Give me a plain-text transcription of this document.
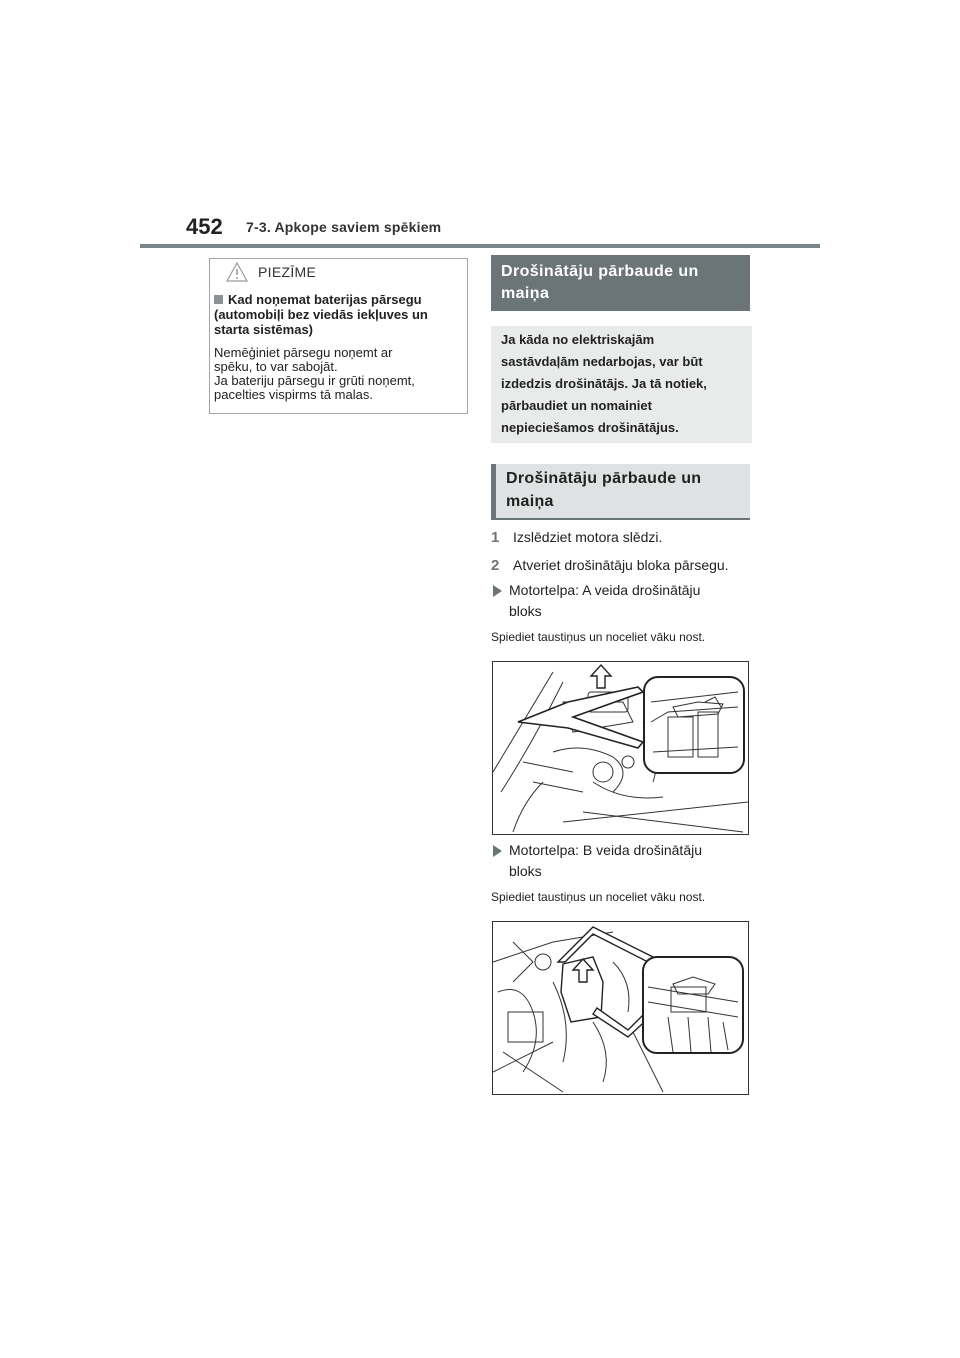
452 7-3. Apkope saviem spēkiem
PIEZĪME
Kad noņemat baterijas pārsegu (automobiļi bez viedās iekļuves un starta sistēmas)
Nemēģiniet pārsegu noņemt ar
spēku, to var sabojāt.
Ja bateriju pārsegu ir grūti noņemt,
pacelties vispirms tā malas.
Drošinātāju pārbaude un
maiņa
Ja kāda no elektriskajām
sastāvdaļām nedarbojas, var būt
izdedzis drošinātājs. Ja tā notiek,
pārbaudiet un nomainiet
nepieciešamos drošinātājus.
Drošinātāju pārbaude un
maiņa
1 Izslēdziet motora slēdzi.
2 Atveriet drošinātāju bloka pārsegu.
Motortelpa: A veida drošinātāju
bloks
Spiediet taustiņus un noceliet vāku nost.
Motortelpa: B veida drošinātāju
bloks
Spiediet taustiņus un noceliet vāku nost.
